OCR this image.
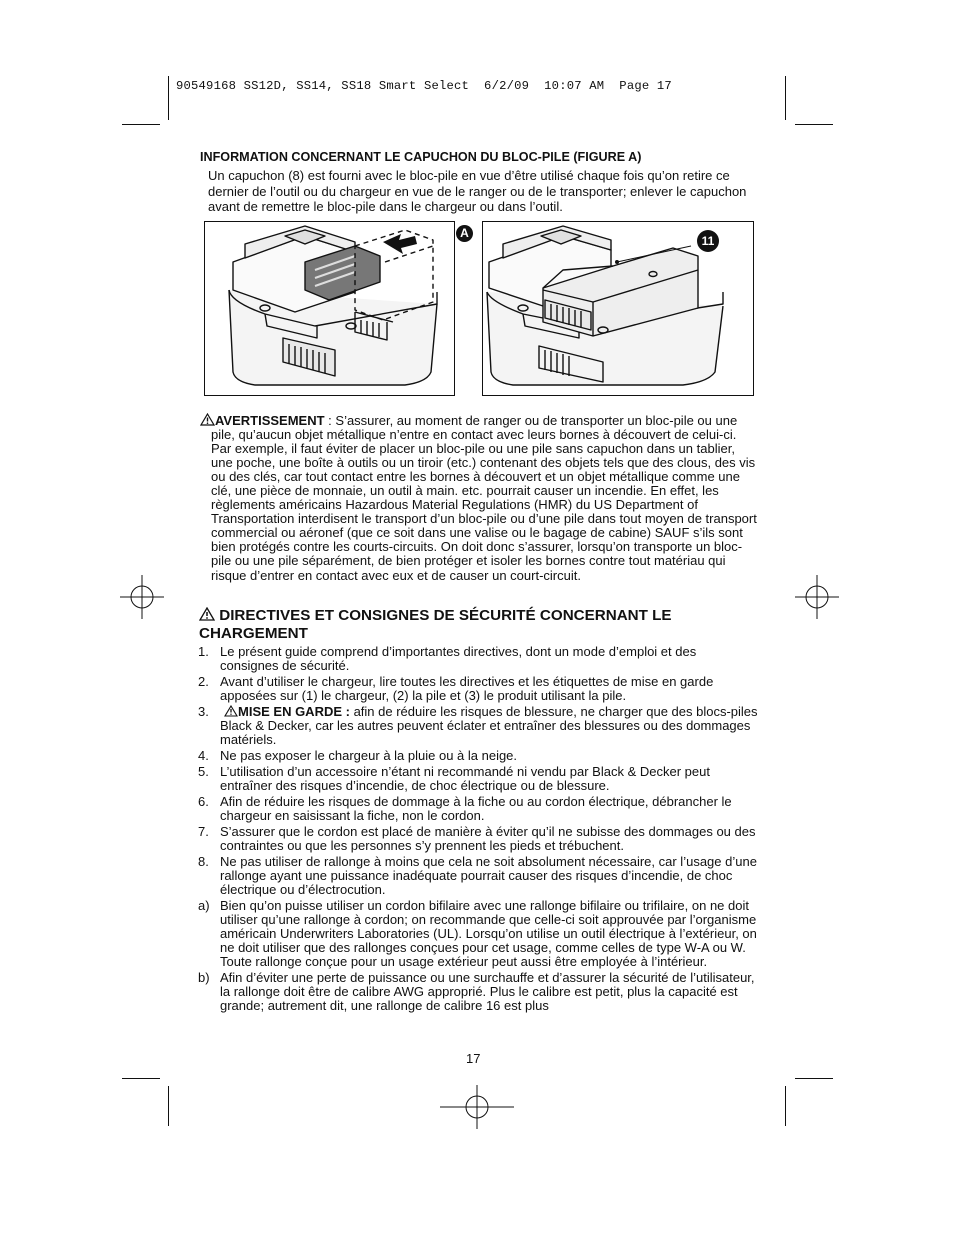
90549168 SS12D, SS14, SS18 Smart Select  6/2/09  10:07 AM  Page 17
INFORMATION CONCERNANT LE CAPUCHON DU BLOC-PILE (FIGURE A)
Un capuchon (8) est fourni avec le bloc-pile en vue d’être utilisé chaque fois qu’on retire ce dernier de l’outil ou du chargeur en vue de le ranger ou de le transporter; enlever le capuchon avant de remettre le bloc-pile dans le chargeur ou dans l’outil.
A
11
AVERTISSEMENT : S’assurer, au moment de ranger ou de transporter un bloc-pile ou une pile, qu’aucun objet métallique n’entre en contact avec leurs bornes à découvert de celui-ci. Par exemple, il faut éviter de placer un bloc-pile ou une pile sans capuchon dans un tablier, une poche, une boîte à outils ou un tiroir (etc.) contenant des objets tels que des clous, des vis ou des clés, car tout contact entre les bornes à découvert et un objet métallique comme une clé, une pièce de monnaie, un outil à main. etc. pourrait causer un incendie. En effet, les règlements américains Hazardous Material Regulations (HMR) du US Department of Transportation interdisent le transport d’un bloc-pile ou d’une pile dans tout moyen de transport commercial ou aéronef (que ce soit dans une valise ou le bagage de cabine) SAUF s’ils sont bien protégés contre les courts-circuits. On doit donc s’assurer, lorsqu’on transporte un bloc-pile ou une pile séparément, de bien protéger et isoler les bornes contre tout matériau qui risque d’entrer en contact avec eux et de causer un court-circuit.
DIRECTIVES ET CONSIGNES DE SÉCURITÉ CONCERNANT LE CHARGEMENT
1. Le présent guide comprend d’importantes directives, dont un mode d’emploi et des consignes de sécurité.
2. Avant d’utiliser le chargeur, lire toutes les directives et les étiquettes de mise en garde apposées sur (1) le chargeur, (2) la pile et (3) le produit utilisant la pile.
3. MISE EN GARDE : afin de réduire les risques de blessure, ne charger que des blocs-piles Black & Decker, car les autres peuvent éclater et entraîner des blessures ou des dommages matériels.
4. Ne pas exposer le chargeur à la pluie ou à la neige.
5. L’utilisation d’un accessoire n’étant ni recommandé ni vendu par Black & Decker peut entraîner des risques d’incendie, de choc électrique ou de blessure.
6. Afin de réduire les risques de dommage à la fiche ou au cordon électrique, débrancher le chargeur en saisissant la fiche, non le cordon.
7. S’assurer que le cordon est placé de manière à éviter qu’il ne subisse des dommages ou des contraintes ou que les personnes s’y prennent les pieds et trébuchent.
8. Ne pas utiliser de rallonge à moins que cela ne soit absolument nécessaire, car l’usage d’une rallonge ayant une puissance inadéquate pourrait causer des risques d’incendie, de choc électrique ou d’électrocution.
a) Bien qu’on puisse utiliser un cordon bifilaire avec une rallonge bifilaire ou trifilaire, on ne doit utiliser qu’une rallonge à cordon; on recommande que celle-ci soit approuvée par l’organisme américain Underwriters Laboratories (UL). Lorsqu’on utilise un outil électrique à l’extérieur, on ne doit utiliser que des rallonges conçues pour cet usage, comme celles de type W-A ou W. Toute rallonge conçue pour un usage extérieur peut aussi être employée à l’intérieur.
b) Afin d’éviter une perte de puissance ou une surchauffe et d’assurer la sécurité de l’utilisateur, la rallonge doit être de calibre AWG approprié. Plus le calibre est petit, plus la capacité est grande; autrement dit, une rallonge de calibre 16 est plus
17
